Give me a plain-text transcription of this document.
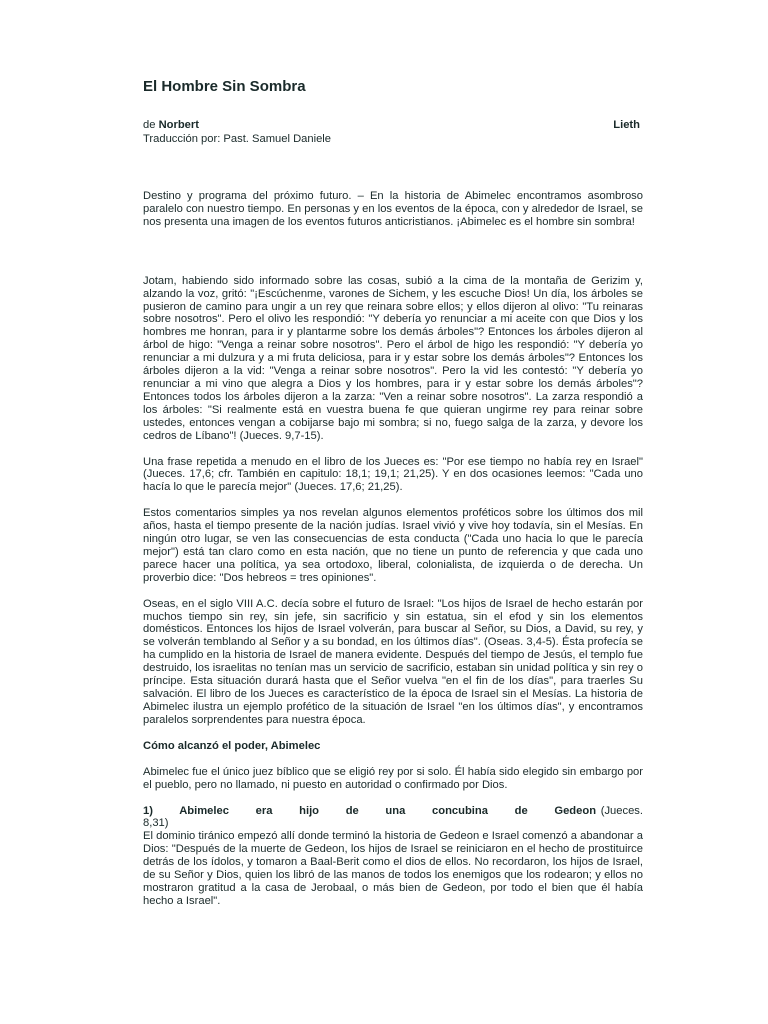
El Hombre Sin Sombra
de Norbert	Lieth
Traducción por: Past. Samuel Daniele

Destino y programa del próximo futuro. – En la historia de Abimelec encontramos asombroso paralelo con nuestro tiempo. En personas y en los eventos de la época, con y alrededor de Israel, se nos presenta una imagen de los eventos futuros anticristianos. ¡Abimelec es el hombre sin sombra!

Jotam, habiendo sido informado sobre las cosas, subió a la cima de la montaña de Gerizim y, alzando la voz, gritó: "¡Escúchenme, varones de Sichem, y les escuche Dios! Un día, los árboles se pusieron de camino para ungir a un rey que reinara sobre ellos; y ellos dijeron al olivo: "Tu reinaras sobre nosotros". Pero el olivo les respondió: "Y debería yo renunciar a mi aceite con que Dios y los hombres me honran, para ir y plantarme sobre los demás árboles"? Entonces los árboles dijeron al árbol de higo: "Venga a reinar sobre nosotros". Pero el árbol de higo les respondió: "Y debería yo renunciar a mi dulzura y a mi fruta deliciosa, para ir y estar sobre los demás árboles"? Entonces los árboles dijeron a la vid: "Venga a reinar sobre nosotros". Pero la vid les contestó: "Y debería yo renunciar a mi vino que alegra a Dios y los hombres, para ir y estar sobre los demás árboles"? Entonces todos los árboles dijeron a la zarza: "Ven a reinar sobre nosotros". La zarza respondió a los árboles: "Si realmente está en vuestra buena fe que quieran ungirme rey para reinar sobre ustedes, entonces vengan a cobijarse bajo mi sombra; si no, fuego salga de la zarza, y devore los cedros de Líbano"! (Jueces. 9,7-15).

Una frase repetida a menudo en el libro de los Jueces es: "Por ese tiempo no había rey en Israel" (Jueces. 17,6; cfr. También en capitulo: 18,1; 19,1; 21,25). Y en dos ocasiones leemos: "Cada uno hacía lo que le parecía mejor" (Jueces. 17,6; 21,25).

Estos comentarios simples ya nos revelan algunos elementos proféticos sobre los últimos dos mil años, hasta el tiempo presente de la nación judías. Israel vivió y vive hoy todavía, sin el Mesías. En ningún otro lugar, se ven las consecuencias de esta conducta ("Cada uno hacia lo que le parecía mejor") está tan claro como en esta nación, que no tiene un punto de referencia y que cada uno parece hacer una política, ya sea ortodoxo, liberal, colonialista, de izquierda o de derecha. Un proverbio dice: "Dos hebreos = tres opiniones".

Oseas, en el siglo VIII A.C. decía sobre el futuro de Israel: "Los hijos de Israel de hecho estarán por muchos tiempo sin rey, sin jefe, sin sacrificio y sin estatua, sin el efod y sin los elementos domésticos. Entonces los hijos de Israel volverán, para buscar al Señor, su Dios, a David, su rey, y se volverán temblando al Señor y a su bondad, en los últimos días". (Oseas. 3,4-5). Ésta profecía se ha cumplido en la historia de Israel de manera evidente. Después del tiempo de Jesús, el templo fue destruido, los israelitas no tenían mas un servicio de sacrificio, estaban sin unidad política y sin rey o príncipe. Esta situación durará hasta que el Señor vuelva "en el fin de los días", para traerles Su salvación. El libro de los Jueces es característico de la época de Israel sin el Mesías. La historia de Abimelec ilustra un ejemplo profético de la situación de Israel "en los últimos días", y encontramos paralelos sorprendentes para nuestra época.

Cómo alcanzó el poder, Abimelec

Abimelec fue el único juez bíblico que se eligió rey por si solo. Él había sido elegido sin embargo por el pueblo, pero no llamado, ni puesto en autoridad o confirmado por Dios.

1) Abimelec era hijo de una concubina de Gedeon (Jueces. 8,31)
El dominio tiránico empezó allí donde terminó la historia de Gedeon e Israel comenzó a abandonar a Dios: "Después de la muerte de Gedeon, los hijos de Israel se reiniciaron en el hecho de prostituirce detrás de los ídolos, y tomaron a Baal-Berit como el dios de ellos. No recordaron, los hijos de Israel, de su Señor y Dios, quien los libró de las manos de todos los enemigos que los rodearon; y ellos no mostraron gratitud a la casa de Jerobaal, o más bien de Gedeon, por todo el bien que él había hecho a Israel".
